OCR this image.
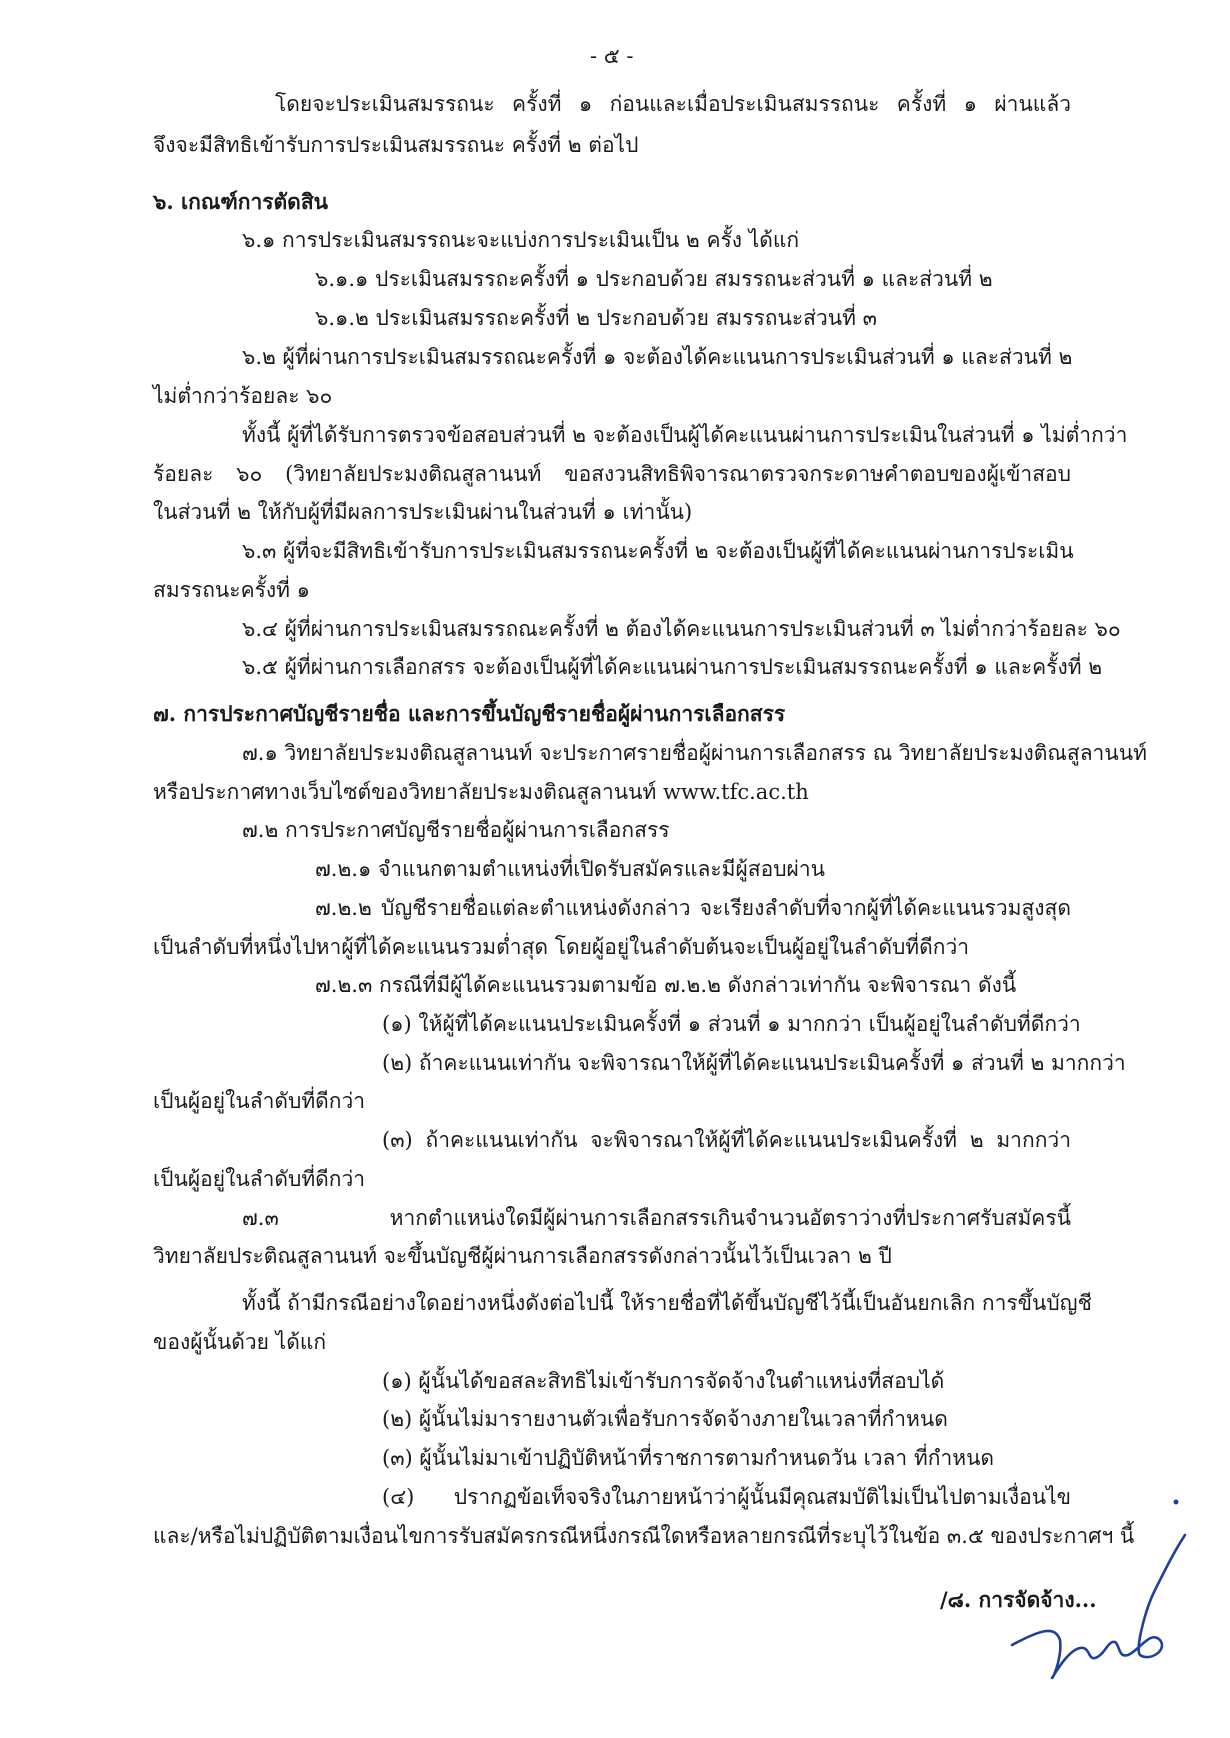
- ๕ -
โดยจะประเมินสมรรถนะ ครั้งที่ ๑ ก่อนและเมื่อประเมินสมรรถนะ ครั้งที่ ๑ ผ่านแล้ว
จึงจะมีสิทธิเข้ารับการประเมินสมรรถนะ ครั้งที่ ๒ ต่อไป
๖. เกณฑ์การตัดสิน
๖.๑ การประเมินสมรรถนะจะแบ่งการประเมินเป็น ๒ ครั้ง ได้แก่
๖.๑.๑ ประเมินสมรรถะครั้งที่ ๑ ประกอบด้วย สมรรถนะส่วนที่ ๑ และส่วนที่ ๒
๖.๑.๒ ประเมินสมรรถะครั้งที่ ๒ ประกอบด้วย สมรรถนะส่วนที่ ๓
๖.๒ ผู้ที่ผ่านการประเมินสมรรถณะครั้งที่ ๑ จะต้องได้คะแนนการประเมินส่วนที่ ๑ และส่วนที่ ๒
ไม่ต่ำกว่าร้อยละ ๖๐
ทั้งนี้ ผู้ที่ได้รับการตรวจข้อสอบส่วนที่ ๒ จะต้องเป็นผู้ได้คะแนนผ่านการประเมินในส่วนที่ ๑ ไม่ต่ำกว่า
ร้อยละ ๖๐ (วิทยาลัยประมงติณสูลานนท์ ขอสงวนสิทธิพิจารณาตรวจกระดาษคำตอบของผู้เข้าสอบ
ในส่วนที่ ๒ ให้กับผู้ที่มีผลการประเมินผ่านในส่วนที่ ๑ เท่านั้น)
๖.๓ ผู้ที่จะมีสิทธิเข้ารับการประเมินสมรรถนะครั้งที่ ๒ จะต้องเป็นผู้ที่ได้คะแนนผ่านการประเมิน
สมรรถนะครั้งที่ ๑
๖.๔ ผู้ที่ผ่านการประเมินสมรรถณะครั้งที่ ๒ ต้องได้คะแนนการประเมินส่วนที่ ๓ ไม่ต่ำกว่าร้อยละ ๖๐
๖.๕ ผู้ที่ผ่านการเลือกสรร จะต้องเป็นผู้ที่ได้คะแนนผ่านการประเมินสมรรถนะครั้งที่ ๑ และครั้งที่ ๒
๗. การประกาศบัญชีรายชื่อ และการขึ้นบัญชีรายชื่อผู้ผ่านการเลือกสรร
๗.๑ วิทยาลัยประมงติณสูลานนท์ จะประกาศรายชื่อผู้ผ่านการเลือกสรร ณ วิทยาลัยประมงติณสูลานนท์
หรือประกาศทางเว็บไซต์ของวิทยาลัยประมงติณสูลานนท์ www.tfc.ac.th
๗.๒ การประกาศบัญชีรายชื่อผู้ผ่านการเลือกสรร
๗.๒.๑ จำแนกตามตำแหน่งที่เปิดรับสมัครและมีผู้สอบผ่าน
๗.๒.๒ บัญชีรายชื่อแต่ละตำแหน่งดังกล่าว จะเรียงลำดับที่จากผู้ที่ได้คะแนนรวมสูงสุด
เป็นลำดับที่หนึ่งไปหาผู้ที่ได้คะแนนรวมต่ำสุด โดยผู้อยู่ในลำดับต้นจะเป็นผู้อยู่ในลำดับที่ดีกว่า
๗.๒.๓ กรณีที่มีผู้ได้คะแนนรวมตามข้อ ๗.๒.๒ ดังกล่าวเท่ากัน จะพิจารณา ดังนี้
(๑) ให้ผู้ที่ได้คะแนนประเมินครั้งที่ ๑ ส่วนที่ ๑ มากกว่า เป็นผู้อยู่ในลำดับที่ดีกว่า
(๒) ถ้าคะแนนเท่ากัน จะพิจารณาให้ผู้ที่ได้คะแนนประเมินครั้งที่ ๑ ส่วนที่ ๒ มากกว่า
เป็นผู้อยู่ในลำดับที่ดีกว่า
(๓) ถ้าคะแนนเท่ากัน จะพิจารณาให้ผู้ที่ได้คะแนนประเมินครั้งที่ ๒ มากกว่า
เป็นผู้อยู่ในลำดับที่ดีกว่า
๗.๓ หากตำแหน่งใดมีผู้ผ่านการเลือกสรรเกินจำนวนอัตราว่างที่ประกาศรับสมัครนี้
วิทยาลัยประติณสูลานนท์ จะขึ้นบัญชีผู้ผ่านการเลือกสรรดังกล่าวนั้นไว้เป็นเวลา ๒ ปี
ทั้งนี้ ถ้ามีกรณีอย่างใดอย่างหนึ่งดังต่อไปนี้ ให้รายชื่อที่ได้ขึ้นบัญชีไว้นี้เป็นอันยกเลิก การขึ้นบัญชี
ของผู้นั้นด้วย ได้แก่
(๑) ผู้นั้นได้ขอสละสิทธิไม่เข้ารับการจัดจ้างในตำแหน่งที่สอบได้
(๒) ผู้นั้นไม่มารายงานตัวเพื่อรับการจัดจ้างภายในเวลาที่กำหนด
(๓) ผู้นั้นไม่มาเข้าปฏิบัติหน้าที่ราชการตามกำหนดวัน เวลา ที่กำหนด
(๔) ปรากฏข้อเท็จจริงในภายหน้าว่าผู้นั้นมีคุณสมบัติไม่เป็นไปตามเงื่อนไข
และ/หรือไม่ปฏิบัติตามเงื่อนไขการรับสมัครกรณีหนึ่งกรณีใดหรือหลายกรณีที่ระบุไว้ในข้อ ๓.๕ ของประกาศฯ นี้
/๘. การจัดจ้าง...
